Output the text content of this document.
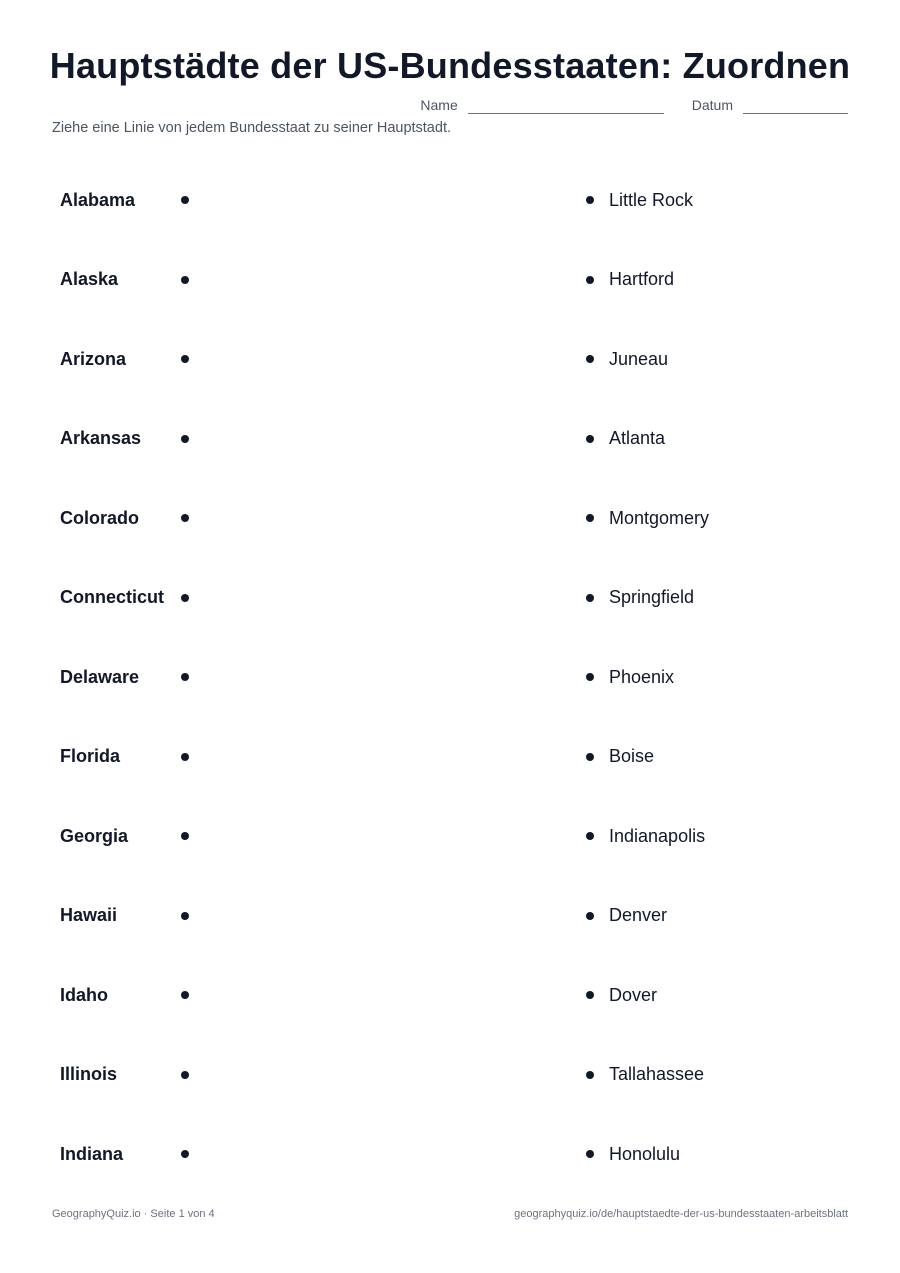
Hauptstädte der US-Bundesstaaten: Zuordnen
Name	Datum
Ziehe eine Linie von jedem Bundesstaat zu seiner Hauptstadt.
Alabama
Alaska
Arizona
Arkansas
Colorado
Connecticut
Delaware
Florida
Georgia
Hawaii
Idaho
Illinois
Indiana
Little Rock
Hartford
Juneau
Atlanta
Montgomery
Springfield
Phoenix
Boise
Indianapolis
Denver
Dover
Tallahassee
Honolulu
GeographyQuiz.io · Seite 1 von 4	geographyquiz.io/de/hauptstaedte-der-us-bundesstaaten-arbeitsblatt
